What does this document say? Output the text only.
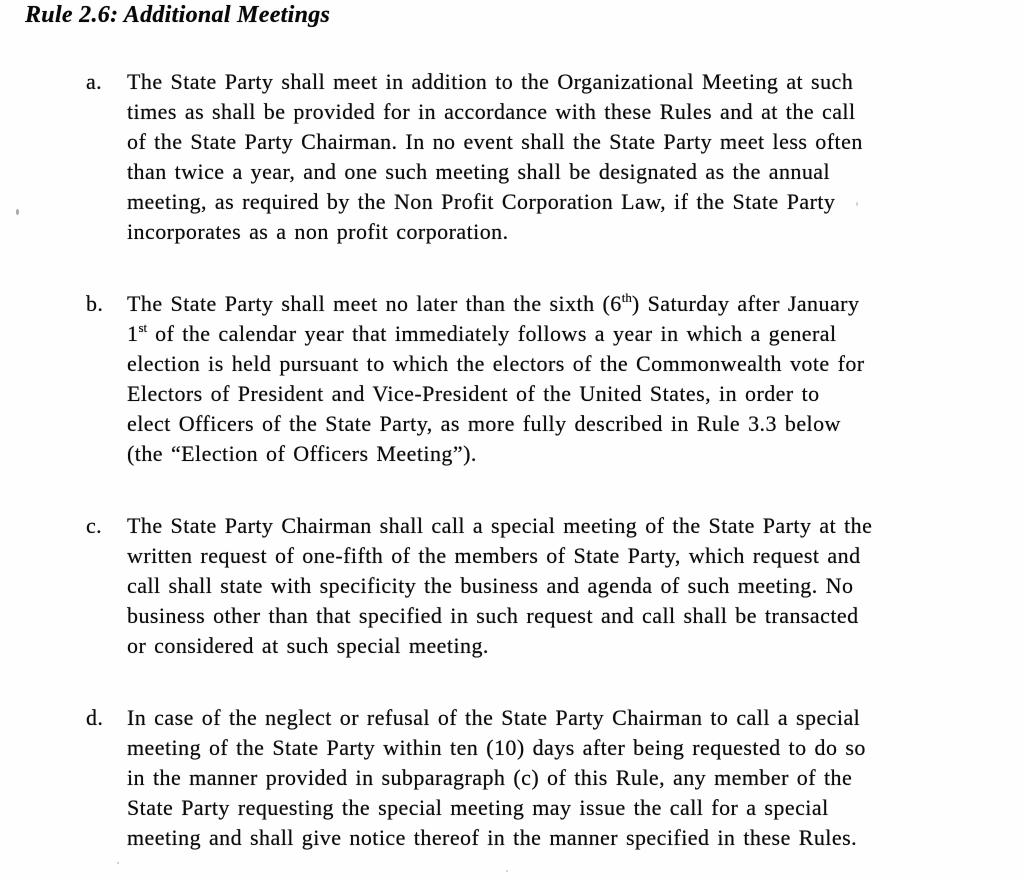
Rule 2.6: Additional Meetings
a.	The State Party shall meet in addition to the Organizational Meeting at such
times as shall be provided for in accordance with these Rules and at the call
of the State Party Chairman. In no event shall the State Party meet less often
than twice a year, and one such meeting shall be designated as the annual
meeting, as required by the Non Profit Corporation Law, if the State Party
incorporates as a non profit corporation.
b.	The State Party shall meet no later than the sixth (6th) Saturday after January
1st of the calendar year that immediately follows a year in which a general
election is held pursuant to which the electors of the Commonwealth vote for
Electors of President and Vice-President of the United States, in order to
elect Officers of the State Party, as more fully described in Rule 3.3 below
(the “Election of Officers Meeting”).
c.	The State Party Chairman shall call a special meeting of the State Party at the
written request of one-fifth of the members of State Party, which request and
call shall state with specificity the business and agenda of such meeting. No
business other than that specified in such request and call shall be transacted
or considered at such special meeting.
d.	In case of the neglect or refusal of the State Party Chairman to call a special
meeting of the State Party within ten (10) days after being requested to do so
in the manner provided in subparagraph (c) of this Rule, any member of the
State Party requesting the special meeting may issue the call for a special
meeting and shall give notice thereof in the manner specified in these Rules.
